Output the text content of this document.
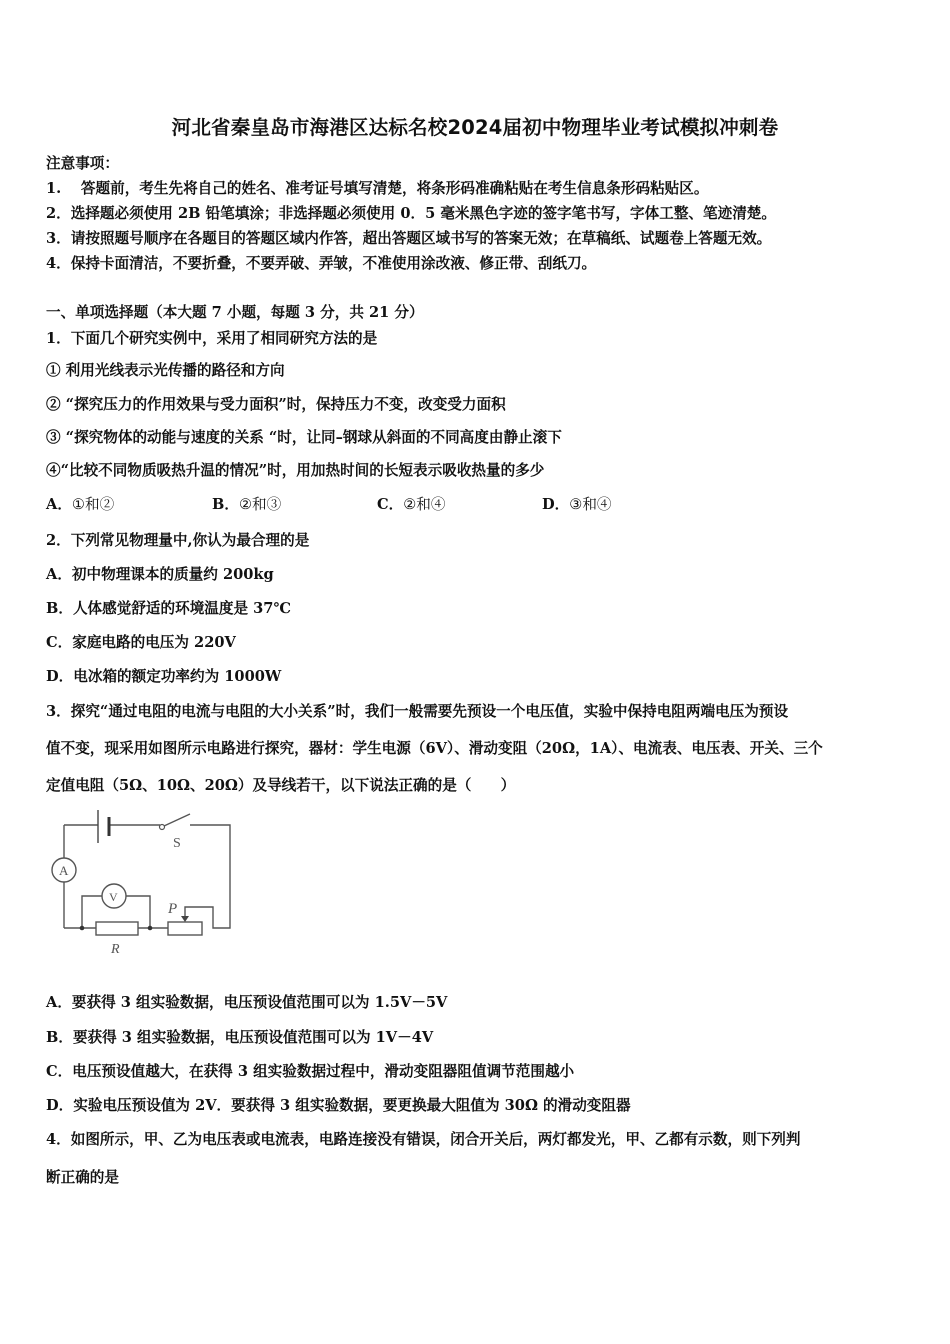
河北省秦皇岛市海港区达标名校2024届初中物理毕业考试模拟冲刺卷
注意事项：
1.　 答题前，考生先将自己的姓名、准考证号填写清楚，将条形码准确粘贴在考生信息条形码粘贴区。
2．选择题必须使用 2B 铅笔填涂；非选择题必须使用 0．5 毫米黑色字迹的签字笔书写，字体工整、笔迹清楚。
3．请按照题号顺序在各题目的答题区域内作答，超出答题区域书写的答案无效；在草稿纸、试题卷上答题无效。
4．保持卡面清洁，不要折叠，不要弄破、弄皱，不准使用涂改液、修正带、刮纸刀。
一、单项选择题（本大题 7 小题，每题 3 分，共 21 分）
1．下面几个研究实例中，采用了相同研究方法的是
① 利用光线表示光传播的路径和方向
② “探究压力的作用效果与受力面积”时，保持压力不变，改变受力面积
③ “探究物体的动能与速度的关系 “时，让同–钢球从斜面的不同高度由静止滚下
④“比较不同物质吸热升温的情况”时，用加热时间的长短表示吸收热量的多少
A．①和②	B．②和③	C．②和④	D．③和④
2．下列常见物理量中,你认为最合理的是
A．初中物理课本的质量约 200kg
B．人体感觉舒适的环境温度是 37℃
C．家庭电路的电压为 220V
D．电冰箱的额定功率约为 1000W
3．探究“通过电阻的电流与电阻的大小关系”时，我们一般需要先预设一个电压值，实验中保持电阻两端电压为预设
值不变，现采用如图所示电路进行探究，器材：学生电源（6V）、滑动变阻（20Ω，1A）、电流表、电压表、开关、三个
定值电阻（5Ω、10Ω、20Ω）及导线若干，以下说法正确的是（　　）
S
A
V
R
P
A．要获得 3 组实验数据，电压预设值范围可以为 1.5V－5V
B．要获得 3 组实验数据，电压预设值范围可以为 1V－4V
C．电压预设值越大，在获得 3 组实验数据过程中，滑动变阻器阻值调节范围越小
D．实验电压预设值为 2V．要获得 3 组实验数据，要更换最大阻值为 30Ω 的滑动变阻器
4．如图所示，甲、乙为电压表或电流表，电路连接没有错误，闭合开关后，两灯都发光，甲、乙都有示数，则下列判
断正确的是
